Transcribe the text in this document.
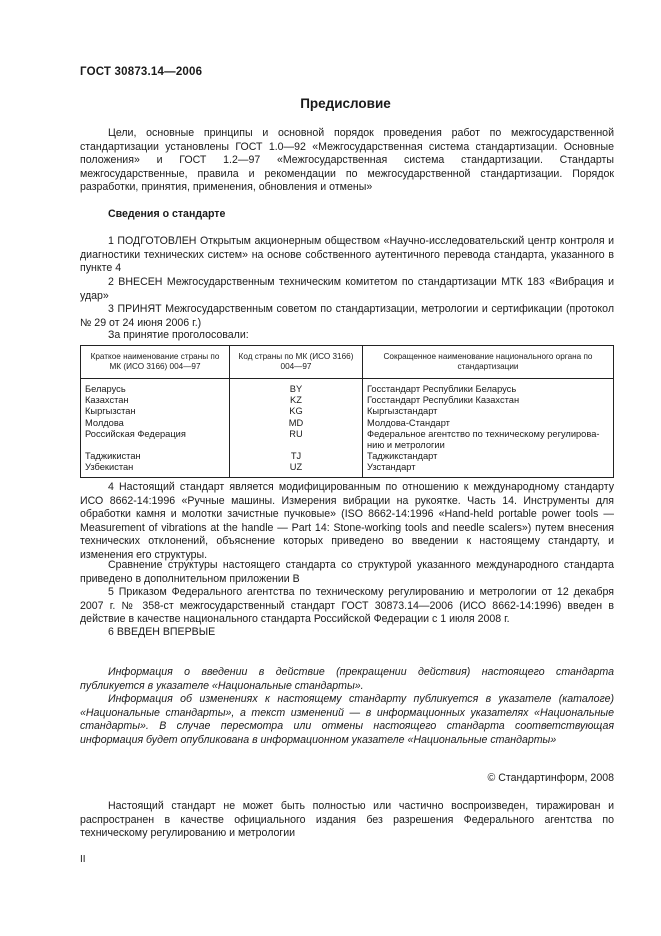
ГОСТ 30873.14—2006
Предисловие

Цели, основные принципы и основной порядок проведения работ по межгосударственной стандартизации установлены ГОСТ 1.0—92 «Межгосударственная система стандартизации. Основные положения» и ГОСТ 1.2—97 «Межгосударственная система стандартизации. Стандарты межгосударственные, правила и рекомендации по межгосударственной стандартизации. Порядок разработки, принятия, применения, обновления и отмены»

Сведения о стандарте

1 ПОДГОТОВЛЕН Открытым акционерным обществом «Научно-исследовательский центр контроля и диагностики технических систем» на основе собственного аутентичного перевода стандарта, указанного в пункте 4

2 ВНЕСЕН Межгосударственным техническим комитетом по стандартизации МТК 183 «Вибрация и удар»

3 ПРИНЯТ Межгосударственным советом по стандартизации, метрологии и сертификации (протокол № 29 от 24 июня 2006 г.)

За принятие проголосовали:

Краткое наименование страны по МК (ИСО 3166) 004—97	Код страны по МК (ИСО 3166) 004—97	Сокращенное наименование национального органа по стандартизации
Беларусь	BY	Госстандарт Республики Беларусь
Казахстан	KZ	Госстандарт Республики Казахстан
Кыргызстан	KG	Кыргызстандарт
Молдова	MD	Молдова-Стандарт
Российская Федерация	RU	Федеральное агентство по техническому регулирова-нию и метрологии
Таджикистан	TJ	Таджикстандарт
Узбекистан	UZ	Узстандарт

4 Настоящий стандарт является модифицированным по отношению к международному стандарту ИСО 8662-14:1996 «Ручные машины. Измерения вибрации на рукоятке. Часть 14. Инструменты для обработки камня и молотки зачистные пучковые» (ISO 8662-14:1996 «Hand-held portable power tools — Measurement of vibrations at the handle — Part 14: Stone-working tools and needle scalers») путем внесения технических отклонений, объяснение которых приведено во введении к настоящему стандарту, и изменения его структуры.

Сравнение структуры настоящего стандарта со структурой указанного международного стандарта приведено в дополнительном приложении В

5 Приказом Федерального агентства по техническому регулированию и метрологии от 12 декабря 2007 г. № 358-ст межгосударственный стандарт ГОСТ 30873.14—2006 (ИСО 8662-14:1996) введен в действие в качестве национального стандарта Российской Федерации с 1 июля 2008 г.

6 ВВЕДЕН ВПЕРВЫЕ

Информация о введении в действие (прекращении действия) настоящего стандарта публикуется в указателе «Национальные стандарты».

Информация об изменениях к настоящему стандарту публикуется в указателе (каталоге) «Национальные стандарты», а текст изменений — в информационных указателях «Национальные стандарты». В случае пересмотра или отмены настоящего стандарта соответствующая информация будет опубликована в информационном указателе «Национальные стандарты»

© Стандартинформ, 2008

Настоящий стандарт не может быть полностью или частично воспроизведен, тиражирован и распространен в качестве официального издания без разрешения Федерального агентства по техническому регулированию и метрологии

II
